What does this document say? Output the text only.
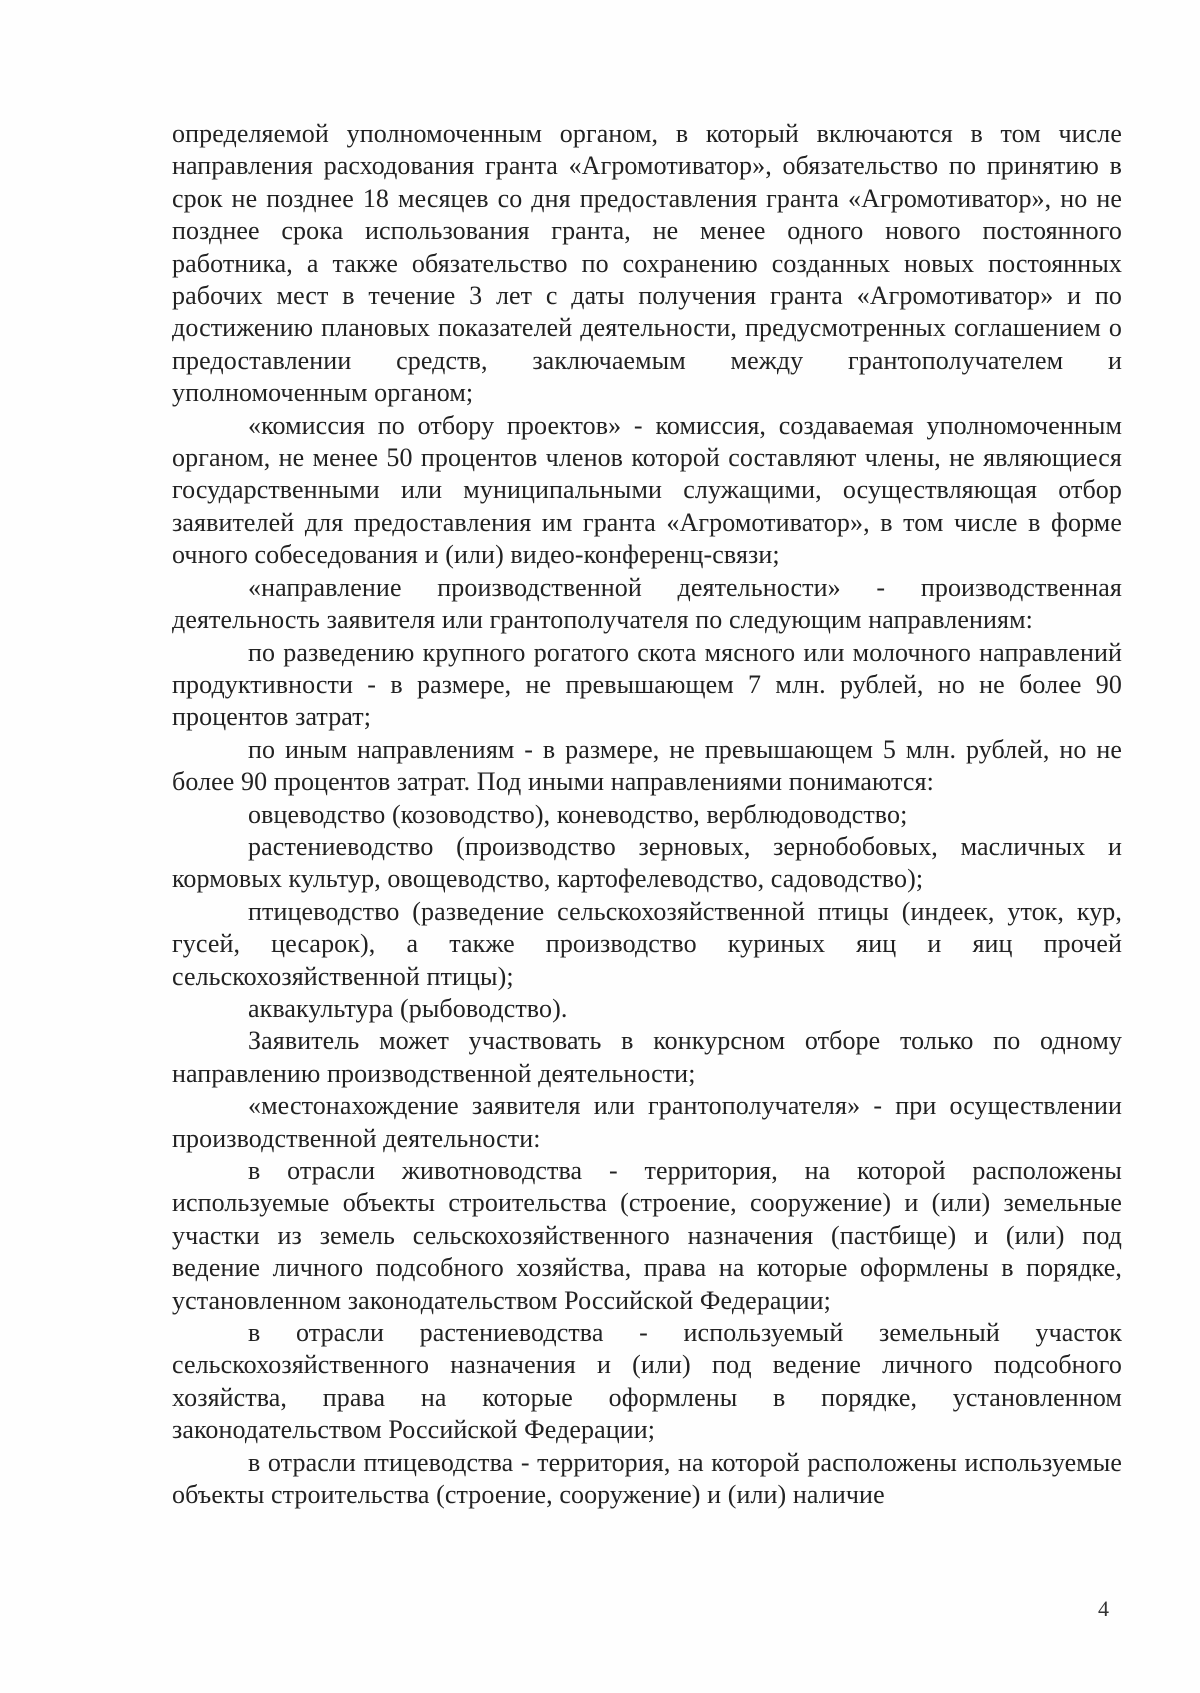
определяемой уполномоченным органом, в который включаются в том числе направления расходования гранта «Агромотиватор», обязательство по принятию в срок не позднее 18 месяцев со дня предоставления гранта «Агромотиватор», но не позднее срока использования гранта, не менее одного нового постоянного работника, а также обязательство по сохранению созданных новых постоянных рабочих мест в течение 3 лет с даты получения гранта «Агромотиватор» и по достижению плановых показателей деятельности, предусмотренных соглашением о предоставлении средств, заключаемым между грантополучателем и уполномоченным органом;

«комиссия по отбору проектов» - комиссия, создаваемая уполномоченным органом, не менее 50 процентов членов которой составляют члены, не являющиеся государственными или муниципальными служащими, осуществляющая отбор заявителей для предоставления им гранта «Агромотиватор», в том числе в форме очного собеседования и (или) видео-конференц-связи;

«направление производственной деятельности» - производственная деятельность заявителя или грантополучателя по следующим направлениям:

по разведению крупного рогатого скота мясного или молочного направлений продуктивности - в размере, не превышающем 7 млн. рублей, но не более 90 процентов затрат;

по иным направлениям - в размере, не превышающем 5 млн. рублей, но не более 90 процентов затрат. Под иными направлениями понимаются:

овцеводство (козоводство), коневодство, верблюдоводство;

растениеводство (производство зерновых, зернобобовых, масличных и кормовых культур, овощеводство, картофелеводство, садоводство);

птицеводство (разведение сельскохозяйственной птицы (индеек, уток, кур, гусей, цесарок), а также производство куриных яиц и яиц прочей сельскохозяйственной птицы);

аквакультура (рыбоводство).

Заявитель может участвовать в конкурсном отборе только по одному направлению производственной деятельности;

«местонахождение заявителя или грантополучателя» - при осуществлении производственной деятельности:

в отрасли животноводства - территория, на которой расположены используемые объекты строительства (строение, сооружение) и (или) земельные участки из земель сельскохозяйственного назначения (пастбище) и (или) под ведение личного подсобного хозяйства, права на которые оформлены в порядке, установленном законодательством Российской Федерации;

в отрасли растениеводства - используемый земельный участок сельскохозяйственного назначения и (или) под ведение личного подсобного хозяйства, права на которые оформлены в порядке, установленном законодательством Российской Федерации;

в отрасли птицеводства - территория, на которой расположены используемые объекты строительства (строение, сооружение) и (или) наличие

4
